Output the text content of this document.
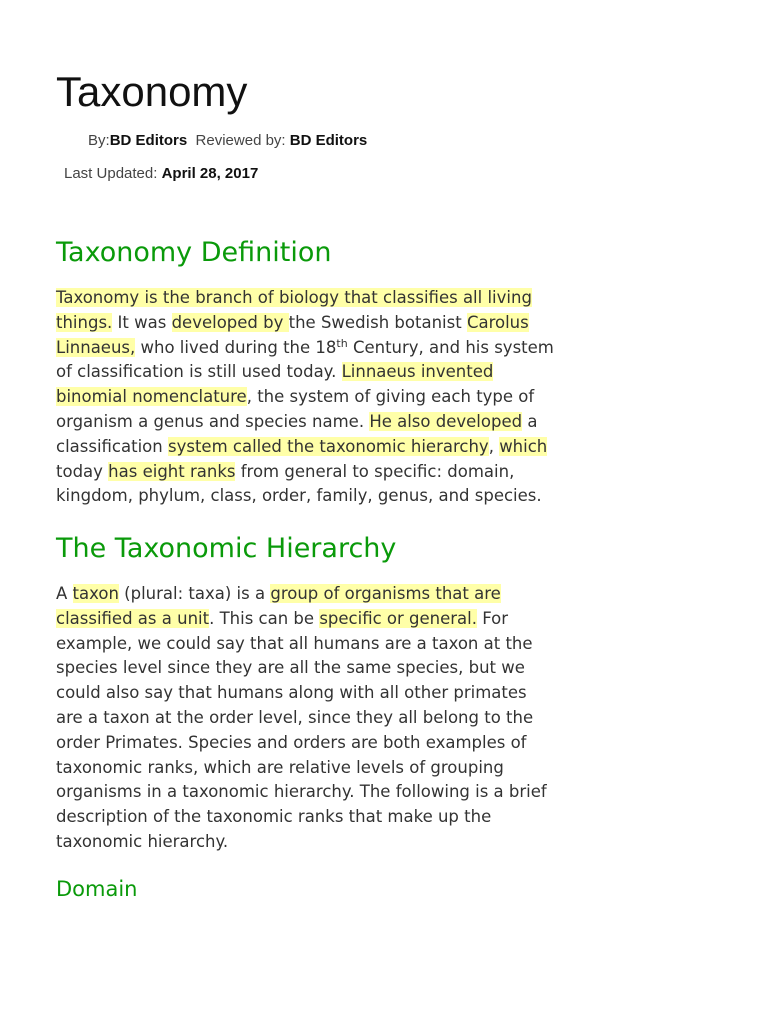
Taxonomy
By:BD Editors Reviewed by: BD Editors
Last Updated: April 28, 2017
Taxonomy Definition

Taxonomy is the branch of biology that classifies all living
things. It was developed by the Swedish botanist Carolus
Linnaeus, who lived during the 18th Century, and his system
of classification is still used today. Linnaeus invented
binomial nomenclature, the system of giving each type of
organism a genus and species name. He also developed a
classification system called the taxonomic hierarchy, which
today has eight ranks from general to specific: domain,
kingdom, phylum, class, order, family, genus, and species.

The Taxonomic Hierarchy

A taxon (plural: taxa) is a group of organisms that are
classified as a unit. This can be specific or general. For
example, we could say that all humans are a taxon at the
species level since they are all the same species, but we
could also say that humans along with all other primates
are a taxon at the order level, since they all belong to the
order Primates. Species and orders are both examples of
taxonomic ranks, which are relative levels of grouping
organisms in a taxonomic hierarchy. The following is a brief
description of the taxonomic ranks that make up the
taxonomic hierarchy.

Domain
